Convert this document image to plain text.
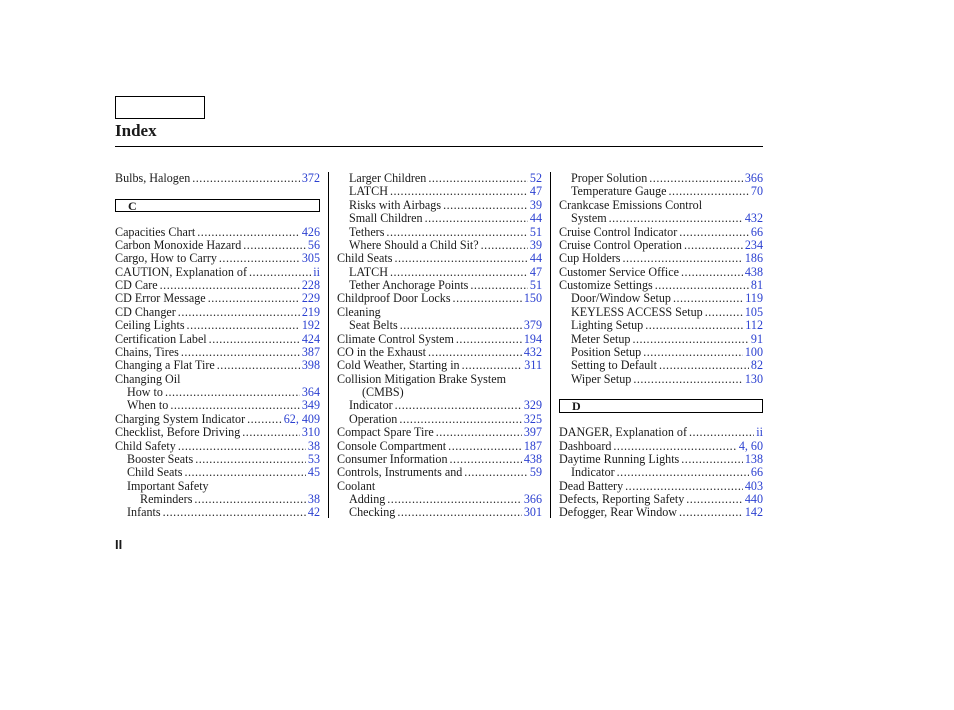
Index
Bulbs, Halogen .....	372
C
Capacities Chart .....	426
Carbon Monoxide Hazard .....	56
Cargo, How to Carry .....	305
CAUTION, Explanation of .....	ii
CD Care .....	228
CD Error Message .....	229
CD Changer .....	219
Ceiling Lights .....	192
Certification Label .....	424
Chains, Tires .....	387
Changing a Flat Tire .....	398
Changing Oil
How to .....	364
When to .....	349
Charging System Indicator .....	62, 409
Checklist, Before Driving .....	310
Child Safety .....	38
Booster Seats .....	53
Child Seats .....	45
Important Safety
Reminders .....	38
Infants .....	42
Larger Children .....	52
LATCH .....	47
Risks with Airbags .....	39
Small Children .....	44
Tethers .....	51
Where Should a Child Sit? .....	39
Child Seats .....	44
LATCH .....	47
Tether Anchorage Points .....	51
Childproof Door Locks .....	150
Cleaning
Seat Belts .....	379
Climate Control System .....	194
CO in the Exhaust .....	432
Cold Weather, Starting in .....	311
Collision Mitigation Brake System
(CMBS)
Indicator .....	329
Operation .....	325
Compact Spare Tire .....	397
Console Compartment .....	187
Consumer Information .....	438
Controls, Instruments and .....	59
Coolant
Adding .....	366
Checking .....	301
Proper Solution .....	366
Temperature Gauge .....	70
Crankcase Emissions Control
System .....	432
Cruise Control Indicator .....	66
Cruise Control Operation .....	234
Cup Holders .....	186
Customer Service Office .....	438
Customize Settings .....	81
Door/Window Setup .....	119
KEYLESS ACCESS Setup .....	105
Lighting Setup .....	112
Meter Setup .....	91
Position Setup .....	100
Setting to Default .....	82
Wiper Setup .....	130
D
DANGER, Explanation of .....	ii
Dashboard .....	4, 60
Daytime Running Lights .....	138
Indicator .....	66
Dead Battery .....	403
Defects, Reporting Safety .....	440
Defogger, Rear Window .....	142
II
